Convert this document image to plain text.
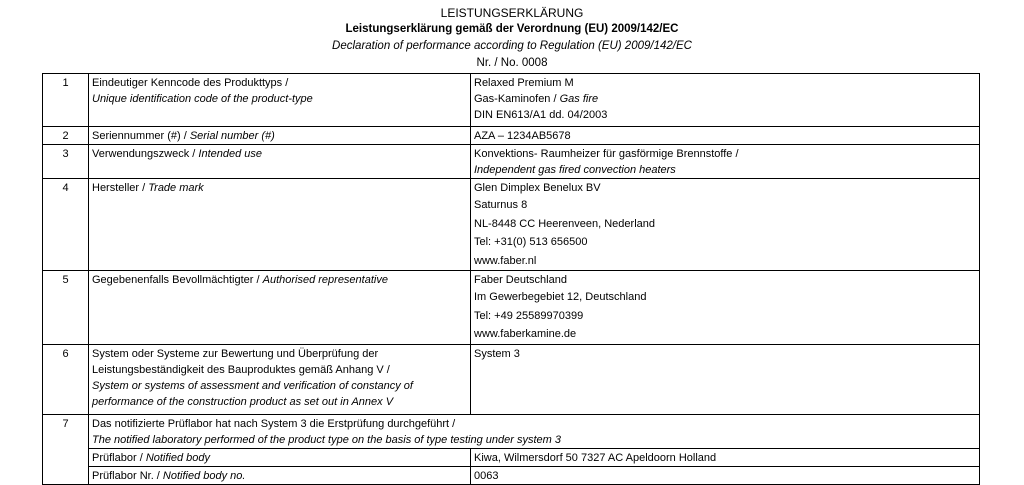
LEISTUNGSERKLÄRUNG
Leistungserklärung gemäß der Verordnung (EU) 2009/142/EC
Declaration of performance according to Regulation (EU) 2009/142/EC
Nr. / No. 0008
1	Eindeutiger Kenncode des Produkttyps /
Unique identification code of the product-type	Relaxed Premium M
Gas-Kaminofen / Gas fire
DIN EN613/A1 dd. 04/2003

2	Seriennummer (#) / Serial number (#)	AZA – 1234AB5678
3	Verwendungszweck / Intended use	Konvektions- Raumheizer für gasförmige Brennstoffe /
Independent gas fired convection heaters

4	Hersteller / Trade mark	Glen Dimplex Benelux BV
Saturnus 8
NL-8448 CC Heerenveen, Nederland
Tel: +31(0) 513 656500
www.faber.nl

5	Gegebenenfalls Bevollmächtigter / Authorised representative	Faber Deutschland
Im Gewerbegebiet 12, Deutschland
Tel: +49 25589970399
www.faberkamine.de

6	System oder Systeme zur Bewertung und Überprüfung der
Leistungsbeständigkeit des Bauproduktes gemäß Anhang V /
System or systems of assessment and verification of constancy of
performance of the construction product as set out in Annex V	System 3
7	Das notifizierte Prüflabor hat nach System 3 die Erstprüfung durchgeführt /
The notified laboratory performed of the product type on the basis of type testing under system 3	

	Prüflabor / Notified body	Kiwa, Wilmersdorf 50 7327 AC Apeldoorn Holland
	Prüflabor Nr. / Notified body no.	0063
